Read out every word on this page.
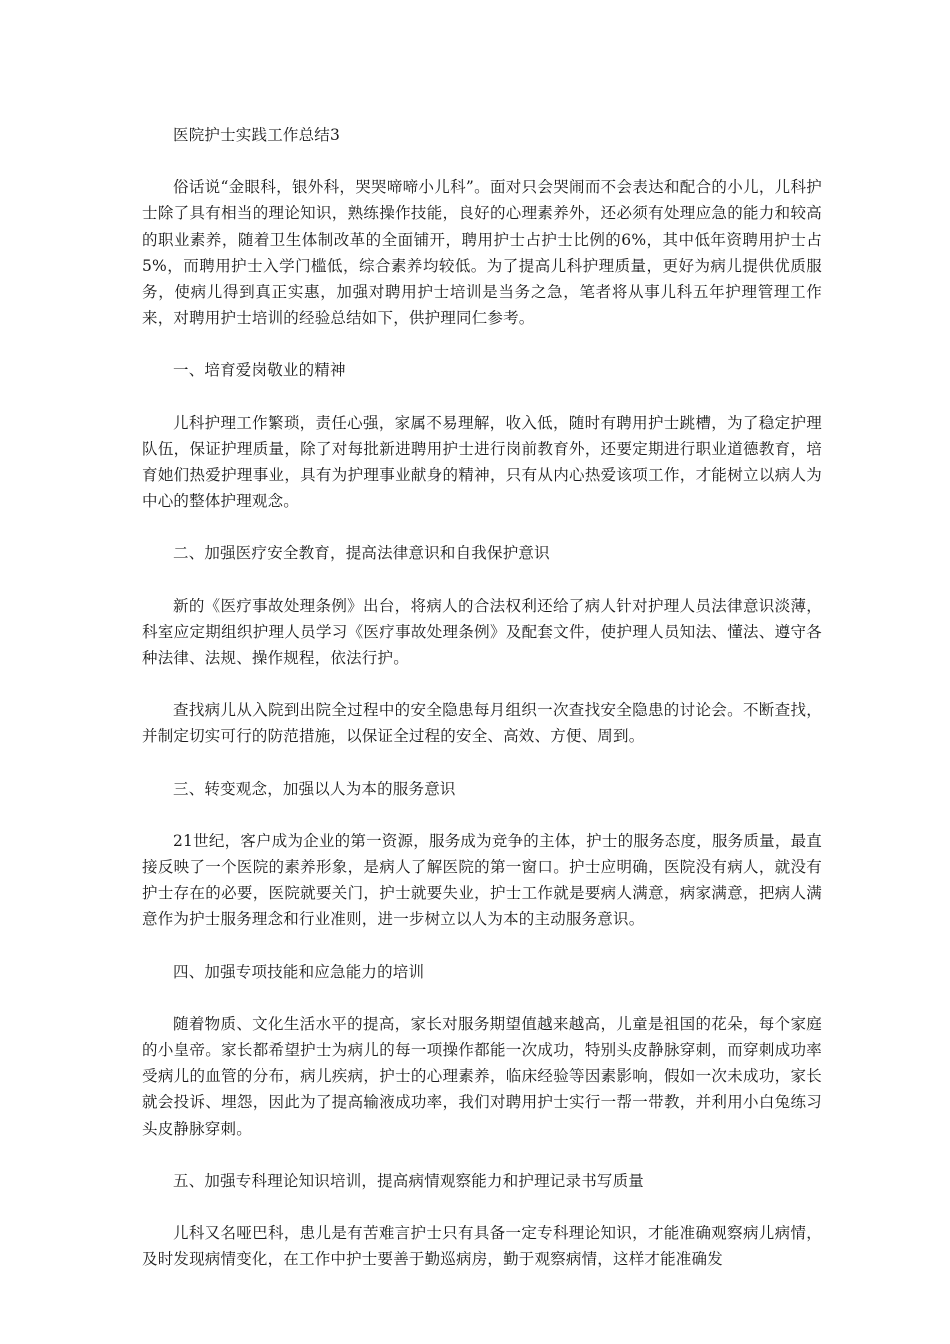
医院护士实践工作总结3

俗话说“金眼科，银外科，哭哭啼啼小儿科”。面对只会哭闹而不会表达和配合的小儿，儿科护士除了具有相当的理论知识，熟练操作技能，良好的心理素养外，还必须有处理应急的能力和较高的职业素养，随着卫生体制改革的全面铺开，聘用护士占护士比例的6%，其中低年资聘用护士占5%，而聘用护士入学门槛低，综合素养均较低。为了提高儿科护理质量，更好为病儿提供优质服务，使病儿得到真正实惠，加强对聘用护士培训是当务之急，笔者将从事儿科五年护理管理工作来，对聘用护士培训的经验总结如下，供护理同仁参考。

一、培育爱岗敬业的精神

儿科护理工作繁琐，责任心强，家属不易理解，收入低，随时有聘用护士跳槽，为了稳定护理队伍，保证护理质量，除了对每批新进聘用护士进行岗前教育外，还要定期进行职业道德教育，培育她们热爱护理事业，具有为护理事业献身的精神，只有从内心热爱该项工作，才能树立以病人为中心的整体护理观念。

二、加强医疗安全教育，提高法律意识和自我保护意识

新的《医疗事故处理条例》出台，将病人的合法权利还给了病人针对护理人员法律意识淡薄，科室应定期组织护理人员学习《医疗事故处理条例》及配套文件，使护理人员知法、懂法、遵守各种法律、法规、操作规程，依法行护。

查找病儿从入院到出院全过程中的安全隐患每月组织一次查找安全隐患的讨论会。不断查找，并制定切实可行的防范措施，以保证全过程的安全、高效、方便、周到。

三、转变观念，加强以人为本的服务意识

21世纪，客户成为企业的第一资源，服务成为竞争的主体，护士的服务态度，服务质量，最直接反映了一个医院的素养形象，是病人了解医院的第一窗口。护士应明确，医院没有病人，就没有护士存在的必要，医院就要关门，护士就要失业，护士工作就是要病人满意，病家满意，把病人满意作为护士服务理念和行业准则，进一步树立以人为本的主动服务意识。

四、加强专项技能和应急能力的培训

随着物质、文化生活水平的提高，家长对服务期望值越来越高，儿童是祖国的花朵，每个家庭的小皇帝。家长都希望护士为病儿的每一项操作都能一次成功，特别头皮静脉穿刺，而穿刺成功率受病儿的血管的分布，病儿疾病，护士的心理素养，临床经验等因素影响，假如一次未成功，家长就会投诉、埋怨，因此为了提高输液成功率，我们对聘用护士实行一帮一带教，并利用小白兔练习头皮静脉穿刺。

五、加强专科理论知识培训，提高病情观察能力和护理记录书写质量

儿科又名哑巴科，患儿是有苦难言护士只有具备一定专科理论知识，才能准确观察病儿病情，及时发现病情变化，在工作中护士要善于勤巡病房，勤于观察病情，这样才能准确发
